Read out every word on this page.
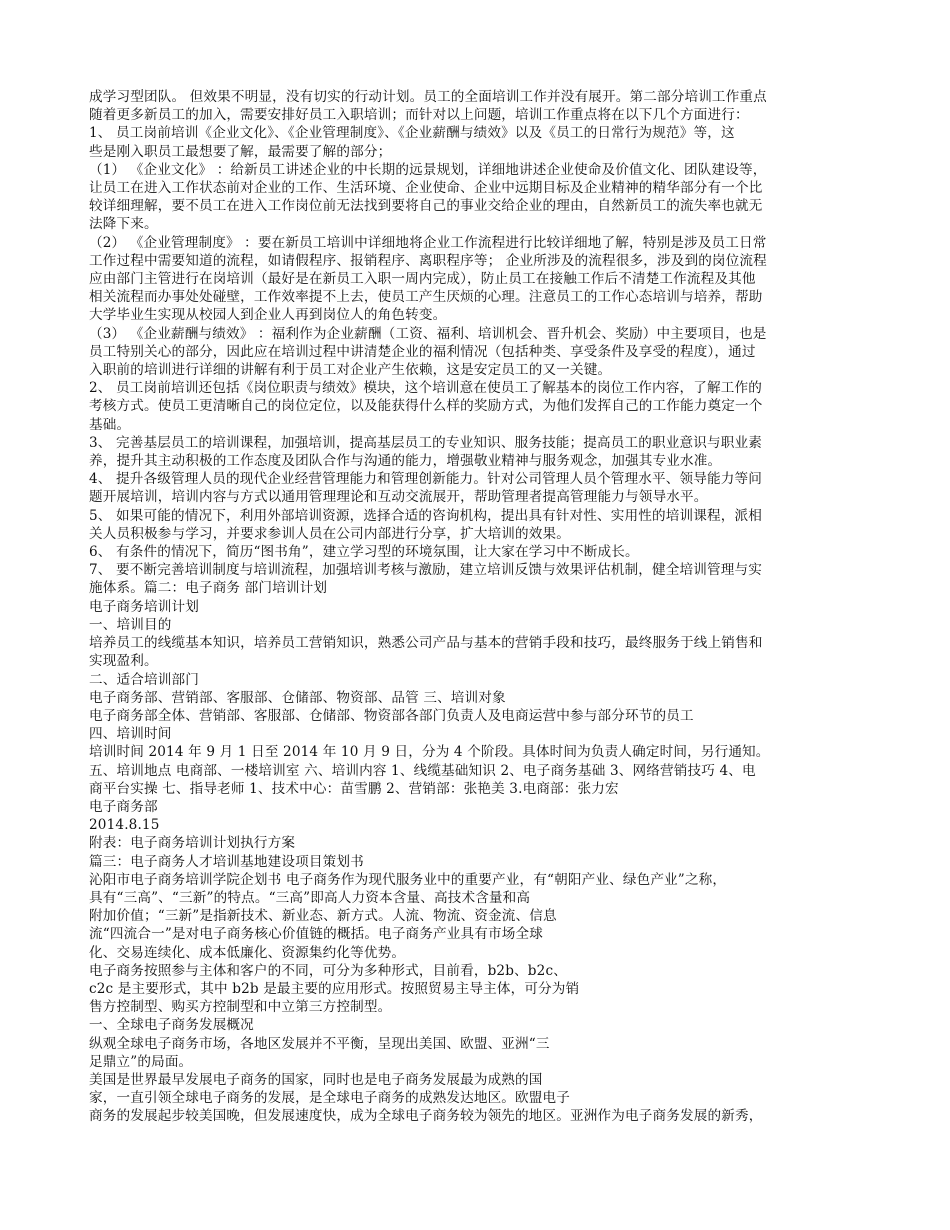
成学习型团队。 但效果不明显，没有切实的行动计划。员工的全面培训工作并没有展开。第二部分培训工作重点
随着更多新员工的加入，需要安排好员工入职培训；而针对以上问题，培训工作重点将在以下几个方面进行：
1、 员工岗前培训《企业文化》、《企业管理制度》、《企业薪酬与绩效》以及《员工的日常行为规范》等，这
些是刚入职员工最想要了解，最需要了解的部分；
（1） 《企业文化》 ：给新员工讲述企业的中长期的远景规划，详细地讲述企业使命及价值文化、团队建设等，
让员工在进入工作状态前对企业的工作、生活环境、企业使命、企业中远期目标及企业精神的精华部分有一个比
较详细理解，要不员工在进入工作岗位前无法找到要将自己的事业交给企业的理由，自然新员工的流失率也就无
法降下来。
（2） 《企业管理制度》 ：要在新员工培训中详细地将企业工作流程进行比较详细地了解，特别是涉及员工日常
工作过程中需要知道的流程，如请假程序、报销程序、离职程序等； 企业所涉及的流程很多，涉及到的岗位流程
应由部门主管进行在岗培训（最好是在新员工入职一周内完成），防止员工在接触工作后不清楚工作流程及其他
相关流程而办事处处碰壁，工作效率提不上去，使员工产生厌烦的心理。注意员工的工作心态培训与培养，帮助
大学毕业生实现从校园人到企业人再到岗位人的角色转变。
（3） 《企业薪酬与绩效》 ：福利作为企业薪酬（工资、福利、培训机会、晋升机会、奖励）中主要项目，也是
员工特别关心的部分，因此应在培训过程中讲清楚企业的福利情况（包括种类、享受条件及享受的程度），通过
入职前的培训进行详细的讲解有利于员工对企业产生依赖，这是安定员工的又一关键。
2、 员工岗前培训还包括《岗位职责与绩效》模块，这个培训意在使员工了解基本的岗位工作内容，了解工作的
考核方式。使员工更清晰自己的岗位定位，以及能获得什么样的奖励方式，为他们发挥自己的工作能力奠定一个
基础。
3、 完善基层员工的培训课程，加强培训，提高基层员工的专业知识、服务技能；提高员工的职业意识与职业素
养，提升其主动积极的工作态度及团队合作与沟通的能力，增强敬业精神与服务观念，加强其专业水准。
4、 提升各级管理人员的现代企业经营管理能力和管理创新能力。针对公司管理人员个管理水平、领导能力等问
题开展培训，培训内容与方式以通用管理理论和互动交流展开，帮助管理者提高管理能力与领导水平。
5、 如果可能的情况下，利用外部培训资源，选择合适的咨询机构，提出具有针对性、实用性的培训课程，派相
关人员积极参与学习，并要求参训人员在公司内部进行分享，扩大培训的效果。
6、 有条件的情况下，简历“图书角”，建立学习型的环境氛围，让大家在学习中不断成长。
7、 要不断完善培训制度与培训流程，加强培训考核与激励，建立培训反馈与效果评估机制，健全培训管理与实
施体系。篇二：电子商务 部门培训计划
电子商务培训计划
一、培训目的
培养员工的线缆基本知识，培养员工营销知识，熟悉公司产品与基本的营销手段和技巧，最终服务于线上销售和
实现盈利。
二、适合培训部门
电子商务部、营销部、客服部、仓储部、物资部、品管 三、培训对象
电子商务部全体、营销部、客服部、仓储部、物资部各部门负责人及电商运营中参与部分环节的员工
四、培训时间
培训时间 2014 年 9 月 1 日至 2014 年 10 月 9 日，分为 4 个阶段。具体时间为负责人确定时间，另行通知。
五、培训地点 电商部、一楼培训室 六、培训内容 1、线缆基础知识 2、电子商务基础 3、网络营销技巧 4、电
商平台实操 七、指导老师 1、技术中心：苗雪鹏 2、营销部：张艳美 3.电商部：张力宏
电子商务部
2014.8.15
附表：电子商务培训计划执行方案
篇三：电子商务人才培训基地建设项目策划书
沁阳市电子商务培训学院企划书 电子商务作为现代服务业中的重要产业，有“朝阳产业、绿色产业”之称，
具有“三高”、“三新”的特点。“三高”即高人力资本含量、高技术含量和高
附加价值；“三新”是指新技术、新业态、新方式。人流、物流、资金流、信息
流“四流合一”是对电子商务核心价值链的概括。电子商务产业具有市场全球
化、交易连续化、成本低廉化、资源集约化等优势。
电子商务按照参与主体和客户的不同，可分为多种形式，目前看，b2b、b2c、
c2c 是主要形式，其中 b2b 是最主要的应用形式。按照贸易主导主体，可分为销
售方控制型、购买方控制型和中立第三方控制型。
一、全球电子商务发展概况
纵观全球电子商务市场，各地区发展并不平衡，呈现出美国、欧盟、亚洲“三
足鼎立”的局面。
美国是世界最早发展电子商务的国家，同时也是电子商务发展最为成熟的国
家，一直引领全球电子商务的发展，是全球电子商务的成熟发达地区。欧盟电子
商务的发展起步较美国晚，但发展速度快，成为全球电子商务较为领先的地区。亚洲作为电子商务发展的新秀，
